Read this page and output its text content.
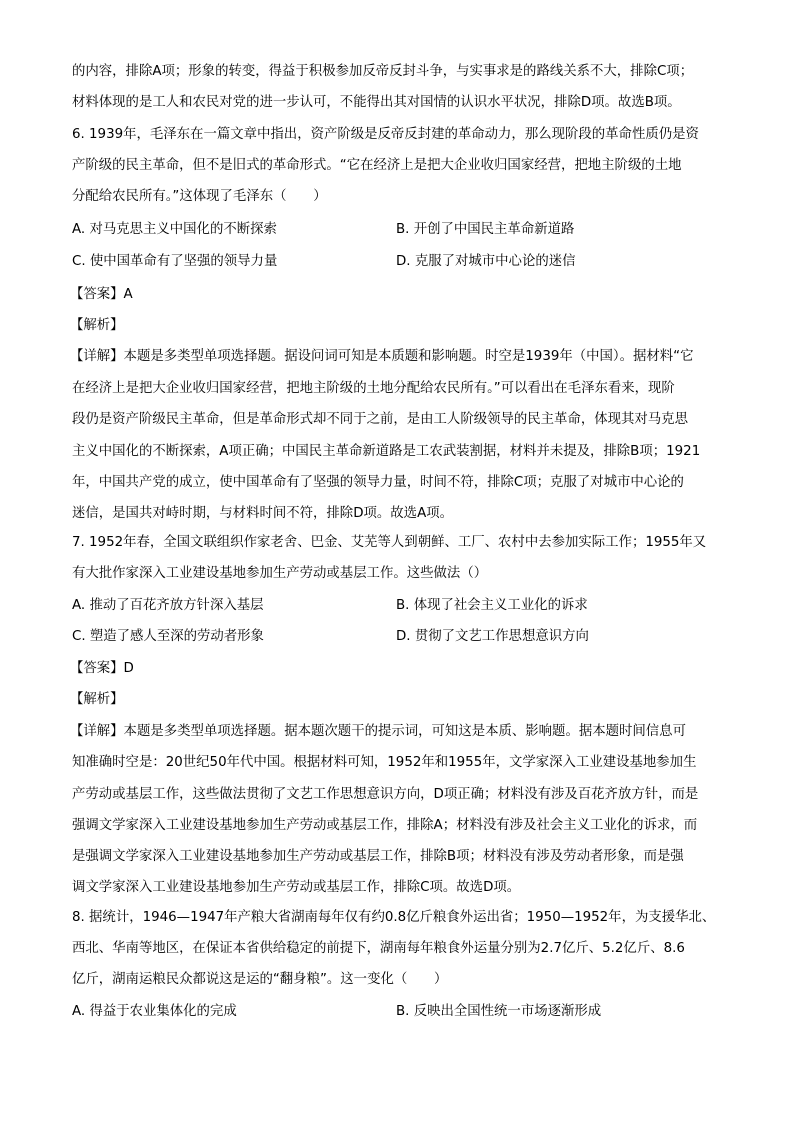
的内容，排除A项；形象的转变，得益于积极参加反帝反封斗争，与实事求是的路线关系不大，排除C项；
材料体现的是工人和农民对党的进一步认可，不能得出其对国情的认识水平状况，排除D项。故选B项。
6. 1939年，毛泽东在一篇文章中指出，资产阶级是反帝反封建的革命动力，那么现阶段的革命性质仍是资
产阶级的民主革命，但不是旧式的革命形式。“它在经济上是把大企业收归国家经营，把地主阶级的土地
分配给农民所有。”这体现了毛泽东（　　）
A. 对马克思主义中国化的不断探索	B. 开创了中国民主革命新道路
C. 使中国革命有了坚强的领导力量	D. 克服了对城市中心论的迷信
【答案】A
【解析】
【详解】本题是多类型单项选择题。据设问词可知是本质题和影响题。时空是1939年（中国）。据材料“它
在经济上是把大企业收归国家经营，把地主阶级的土地分配给农民所有。”可以看出在毛泽东看来，现阶
段仍是资产阶级民主革命，但是革命形式却不同于之前，是由工人阶级领导的民主革命，体现其对马克思
主义中国化的不断探索，A项正确；中国民主革命新道路是工农武装割据，材料并未提及，排除B项；1921
年，中国共产党的成立，使中国革命有了坚强的领导力量，时间不符，排除C项；克服了对城市中心论的
迷信，是国共对峙时期，与材料时间不符，排除D项。故选A项。
7. 1952年春，全国文联组织作家老舍、巴金、艾芜等人到朝鲜、工厂、农村中去参加实际工作；1955年又
有大批作家深入工业建设基地参加生产劳动或基层工作。这些做法（）
A. 推动了百花齐放方针深入基层	B. 体现了社会主义工业化的诉求
C. 塑造了感人至深的劳动者形象	D. 贯彻了文艺工作思想意识方向
【答案】D
【解析】
【详解】本题是多类型单项选择题。据本题次题干的提示词，可知这是本质、影响题。据本题时间信息可
知准确时空是：20世纪50年代中国。根据材料可知，1952年和1955年，文学家深入工业建设基地参加生
产劳动或基层工作，这些做法贯彻了文艺工作思想意识方向，D项正确；材料没有涉及百花齐放方针，而是
强调文学家深入工业建设基地参加生产劳动或基层工作，排除A；材料没有涉及社会主义工业化的诉求，而
是强调文学家深入工业建设基地参加生产劳动或基层工作，排除B项；材料没有涉及劳动者形象，而是强
调文学家深入工业建设基地参加生产劳动或基层工作，排除C项。故选D项。
8. 据统计，1946—1947年产粮大省湖南每年仅有约0.8亿斤粮食外运出省；1950—1952年，为支援华北、
西北、华南等地区，在保证本省供给稳定的前提下，湖南每年粮食外运量分别为2.7亿斤、5.2亿斤、8.6
亿斤，湖南运粮民众都说这是运的“翻身粮”。这一变化（　　）
A. 得益于农业集体化的完成	B. 反映出全国性统一市场逐渐形成
